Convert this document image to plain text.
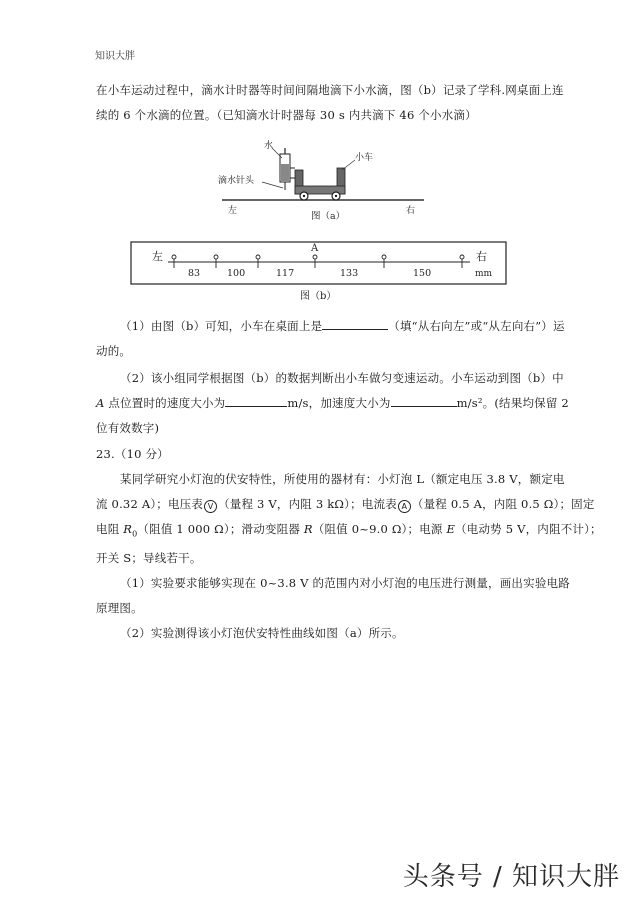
知识大胖
在小车运动过程中，滴水计时器等时间间隔地滴下小水滴，图（b）记录了学科.网桌面上连
续的 6 个水滴的位置。（已知滴水计时器每 30 s 内共滴下 46 个小水滴）
水
小车
滴水针头
左	右
图（a）
左	右
mm
A
83	100	117	133	150
图（b）
（1）由图（b）可知，小车在桌面上是	（填“从右向左”或“从左向右”）运
动的。
（2）该小组同学根据图（b）的数据判断出小车做匀变速运动。小车运动到图（b）中
A 点位置时的速度大小为	m/s，加速度大小为	m/s²。(结果均保留 2
位有效数字)
23.（10 分）
某同学研究小灯泡的伏安特性，所使用的器材有：小灯泡 L（额定电压 3.8 V，额定电
流 0.32 A）；电压表 V （量程 3 V，内阻 3 kΩ）；电流表 A （量程 0.5 A，内阻 0.5 Ω）；固定
电阻 $R_0$（阻值 1 000 Ω）；滑动变阻器 R（阻值 0~9.0 Ω）；电源 E（电动势 5 V，内阻不计）；
开关 S；导线若干。
（1）实验要求能够实现在 0~3.8 V 的范围内对小灯泡的电压进行测量，画出实验电路
原理图。
（2）实验测得该小灯泡伏安特性曲线如图（a）所示。
头条号 / 知识大胖
